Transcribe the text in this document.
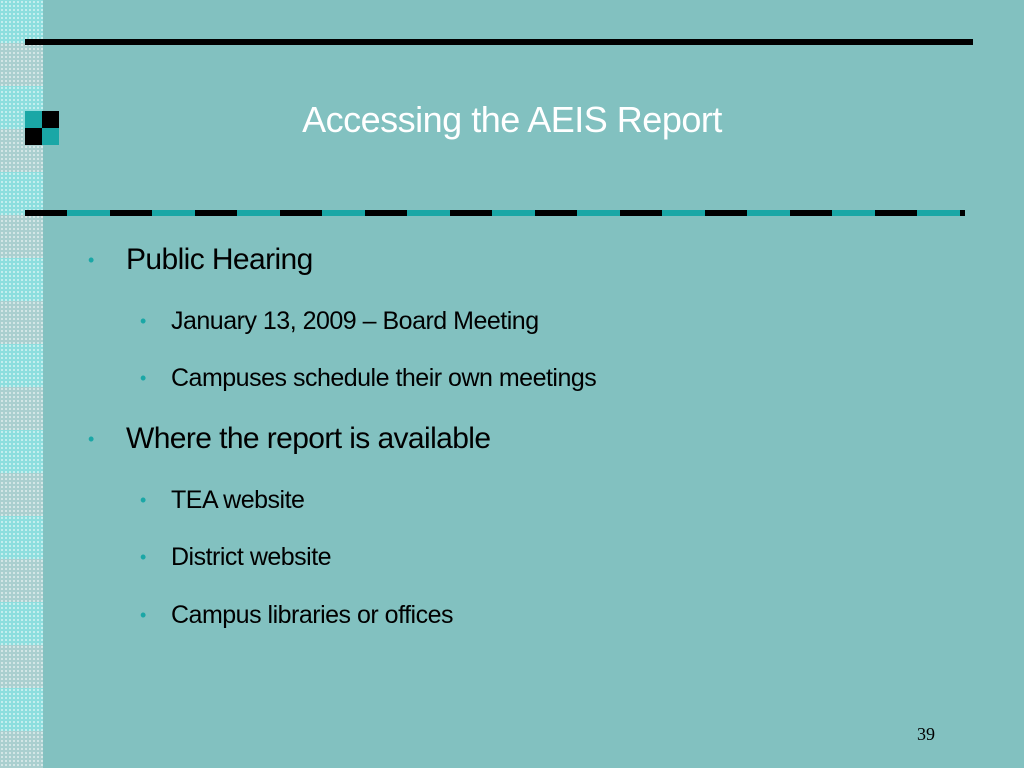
Accessing the AEIS Report
• Public Hearing
• January 13, 2009 – Board Meeting
• Campuses schedule their own meetings
• Where the report is available
• TEA website
• District website
• Campus libraries or offices
39
